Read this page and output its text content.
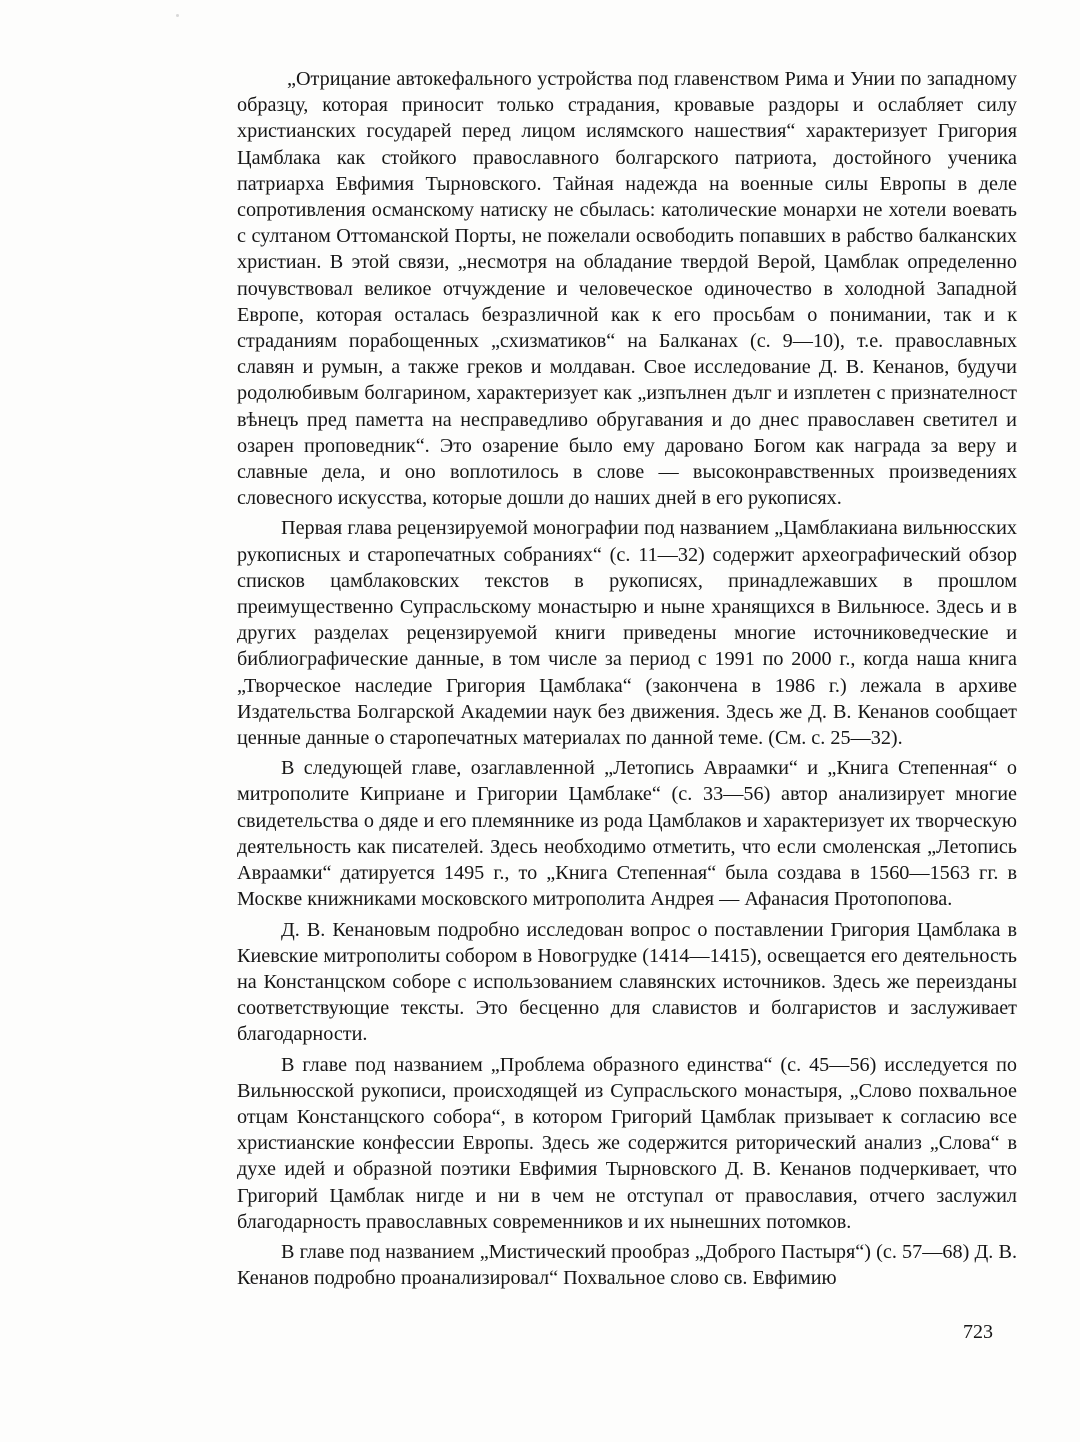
„Отрицание автокефального устройства под главенством Рима и Унии по западному образцу, которая приносит только страдания, кровавые раздоры и ослабляет силу христианских государей перед лицом ислямского нашествия“ характеризует Григория Цамблака как стойкого православного болгарского патриота, достойного ученика патриарха Евфимия Тырновского. Тайная надежда на военные силы Европы в деле сопротивления османскому натиску не сбылась: католические монархи не хотели воевать с султаном Оттоманской Порты, не пожелали освободить попавших в рабство балканских христиан. В этой связи, „несмотря на обладание твердой Верой, Цамблак определенно почувствовал великое отчуждение и человеческое одиночество в холодной Западной Европе, которая осталась безразличной как к его просьбам о понимании, так и к страданиям порабощенных „схизматиков“ на Балканах (с. 9—10), т.е. православных славян и румын, а также греков и молдаван. Свое исследование Д. В. Кенанов, будучи родолюбивым болгарином, характеризует как „изпълнен дълг и изплетен с признателност вѣнецъ пред паметта на несправедливо обругавания и до днес православен светител и озарен проповедник“. Это озарение было ему даровано Богом как награда за веру и славные дела, и оно воплотилось в слове — высоконравственных произведениях словесного искусства, которые дошли до наших дней в его рукописях.

Первая глава рецензируемой монографии под названием „Цамблакиана вильнюсских рукописных и старопечатных собраниях“ (с. 11—32) содержит археографический обзор списков цамблаковских текстов в рукописях, принадлежавших в прошлом преимущественно Супрасльскому монастырю и ныне хранящихся в Вильнюсе. Здесь и в других разделах рецензируемой книги приведены многие источниковедческие и библиографические данные, в том числе за период с 1991 по 2000 г., когда наша книга „Творческое наследие Григория Цамблака“ (закончена в 1986 г.) лежала в архиве Издательства Болгарской Академии наук без движения. Здесь же Д. В. Кенанов сообщает ценные данные о старопечатных материалах по данной теме. (См. с. 25—32).

В следующей главе, озаглавленной „Летопись Авраамки“ и „Книга Степенная“ о митрополите Киприане и Григории Цамблаке“ (с. 33—56) автор анализирует многие свидетельства о дяде и его племяннике из рода Цамблаков и характеризует их творческую деятельность как писателей. Здесь необходимо отметить, что если смоленская „Летопись Авраамки“ датируется 1495 г., то „Книга Степенная“ была создава в 1560—1563 гг. в Москве книжниками московского митрополита Андрея — Афанасия Протопопова.

Д. В. Кенановым подробно исследован вопрос о поставлении Григория Цамблака в Киевские митрополиты собором в Новогрудке (1414—1415), освещается его деятельность на Констанцском соборе с использованием славянских источников. Здесь же переизданы соответствующие тексты. Это бесценно для славистов и болгаристов и заслуживает благодарности.

В главе под названием „Проблема образного единства“ (с. 45—56) исследуется по Вильнюсской рукописи, происходящей из Супрасльского монастыря, „Слово похвальное отцам Констанцского собора“, в котором Григорий Цамблак призывает к согласию все христианские конфессии Европы. Здесь же содержится риторический анализ „Слова“ в духе идей и образной поэтики Евфимия Тырновского Д. В. Кенанов подчеркивает, что Григорий Цамблак нигде и ни в чем не отступал от православия, отчего заслужил благодарность православных современников и их нынешних потомков.

В главе под названием „Мистический прообраз „Доброго Пастыря“) (с. 57—68) Д. В. Кенанов подробно проанализировал“ Похвальное слово св. Евфимию

723
